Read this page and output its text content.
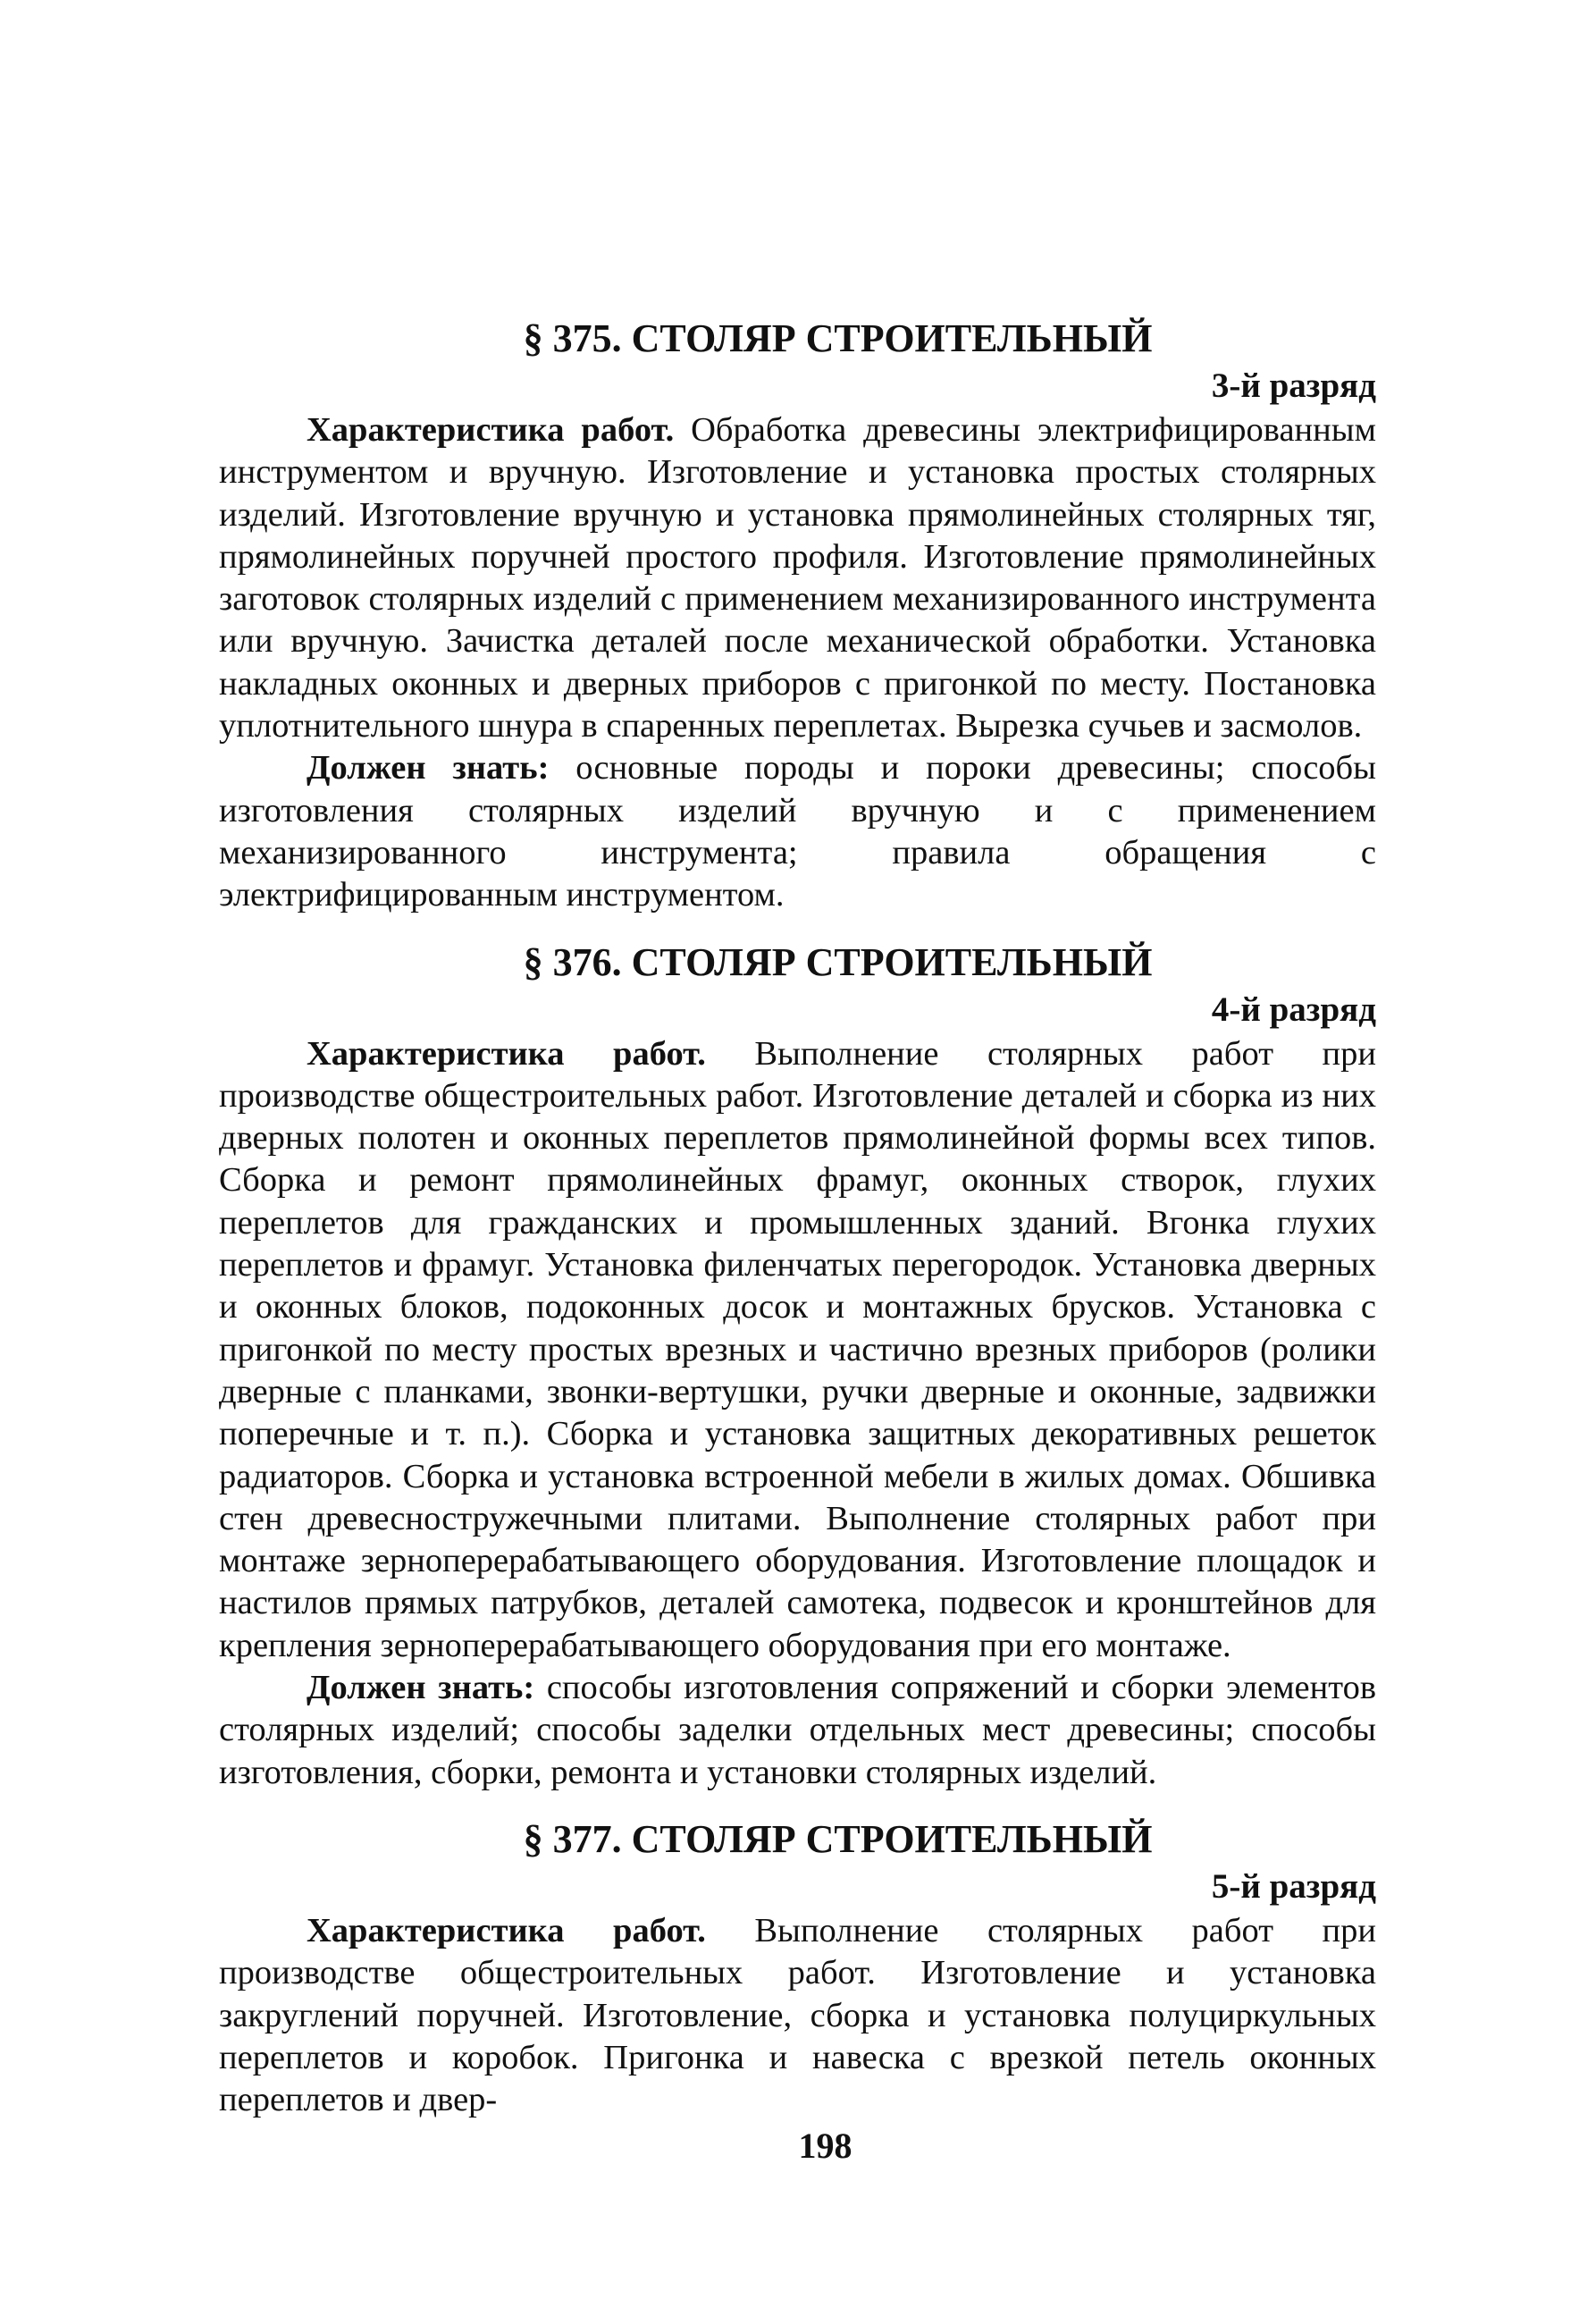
§ 375. СТОЛЯР СТРОИТЕЛЬНЫЙ
3-й разряд

Характеристика работ. Обработка древесины электрифицированным инструментом и вручную. Изготовление и установка простых столярных изделий. Изготовление вручную и установка прямолинейных столярных тяг, прямолинейных поручней простого профиля. Изготовление прямолинейных заготовок столярных изделий с применением механизированного инструмента или вручную. Зачистка деталей после механической обработки. Установка накладных оконных и дверных приборов с пригонкой по месту. Постановка уплотнительного шнура в спаренных переплетах. Вырезка сучьев и засмолов.

Должен знать: основные породы и пороки древесины; способы изготовления столярных изделий вручную и с применением механизированного инструмента; правила обращения с электрифицированным инструментом.

§ 376. СТОЛЯР СТРОИТЕЛЬНЫЙ
4-й разряд

Характеристика работ. Выполнение столярных работ при производстве общестроительных работ. Изготовление деталей и сборка из них дверных полотен и оконных переплетов прямолинейной формы всех типов. Сборка и ремонт прямолинейных фрамуг, оконных створок, глухих переплетов для гражданских и промышленных зданий. Вгонка глухих переплетов и фрамуг. Установка филенчатых перегородок. Установка дверных и оконных блоков, подоконных досок и монтажных брусков. Установка с пригонкой по месту простых врезных и частично врезных приборов (ролики дверные с планками, звонки-вертушки, ручки дверные и оконные, задвижки поперечные и т. п.). Сборка и установка защитных декоративных решеток радиаторов. Сборка и установка встроенной мебели в жилых домах. Обшивка стен древесностружечными плитами. Выполнение столярных работ при монтаже зерноперерабатывающего оборудования. Изготовление площадок и настилов прямых патрубков, деталей самотека, подвесок и кронштейнов для крепления зерноперерабатывающего оборудования при его монтаже.

Должен знать: способы изготовления сопряжений и сборки элементов столярных изделий; способы заделки отдельных мест древесины; способы изготовления, сборки, ремонта и установки столярных изделий.

§ 377. СТОЛЯР СТРОИТЕЛЬНЫЙ
5-й разряд

Характеристика работ. Выполнение столярных работ при производстве общестроительных работ. Изготовление и установка закруглений поручней. Изготовление, сборка и установка полуциркульных переплетов и коробок. Пригонка и навеска с врезкой петель оконных переплетов и двер-

198
